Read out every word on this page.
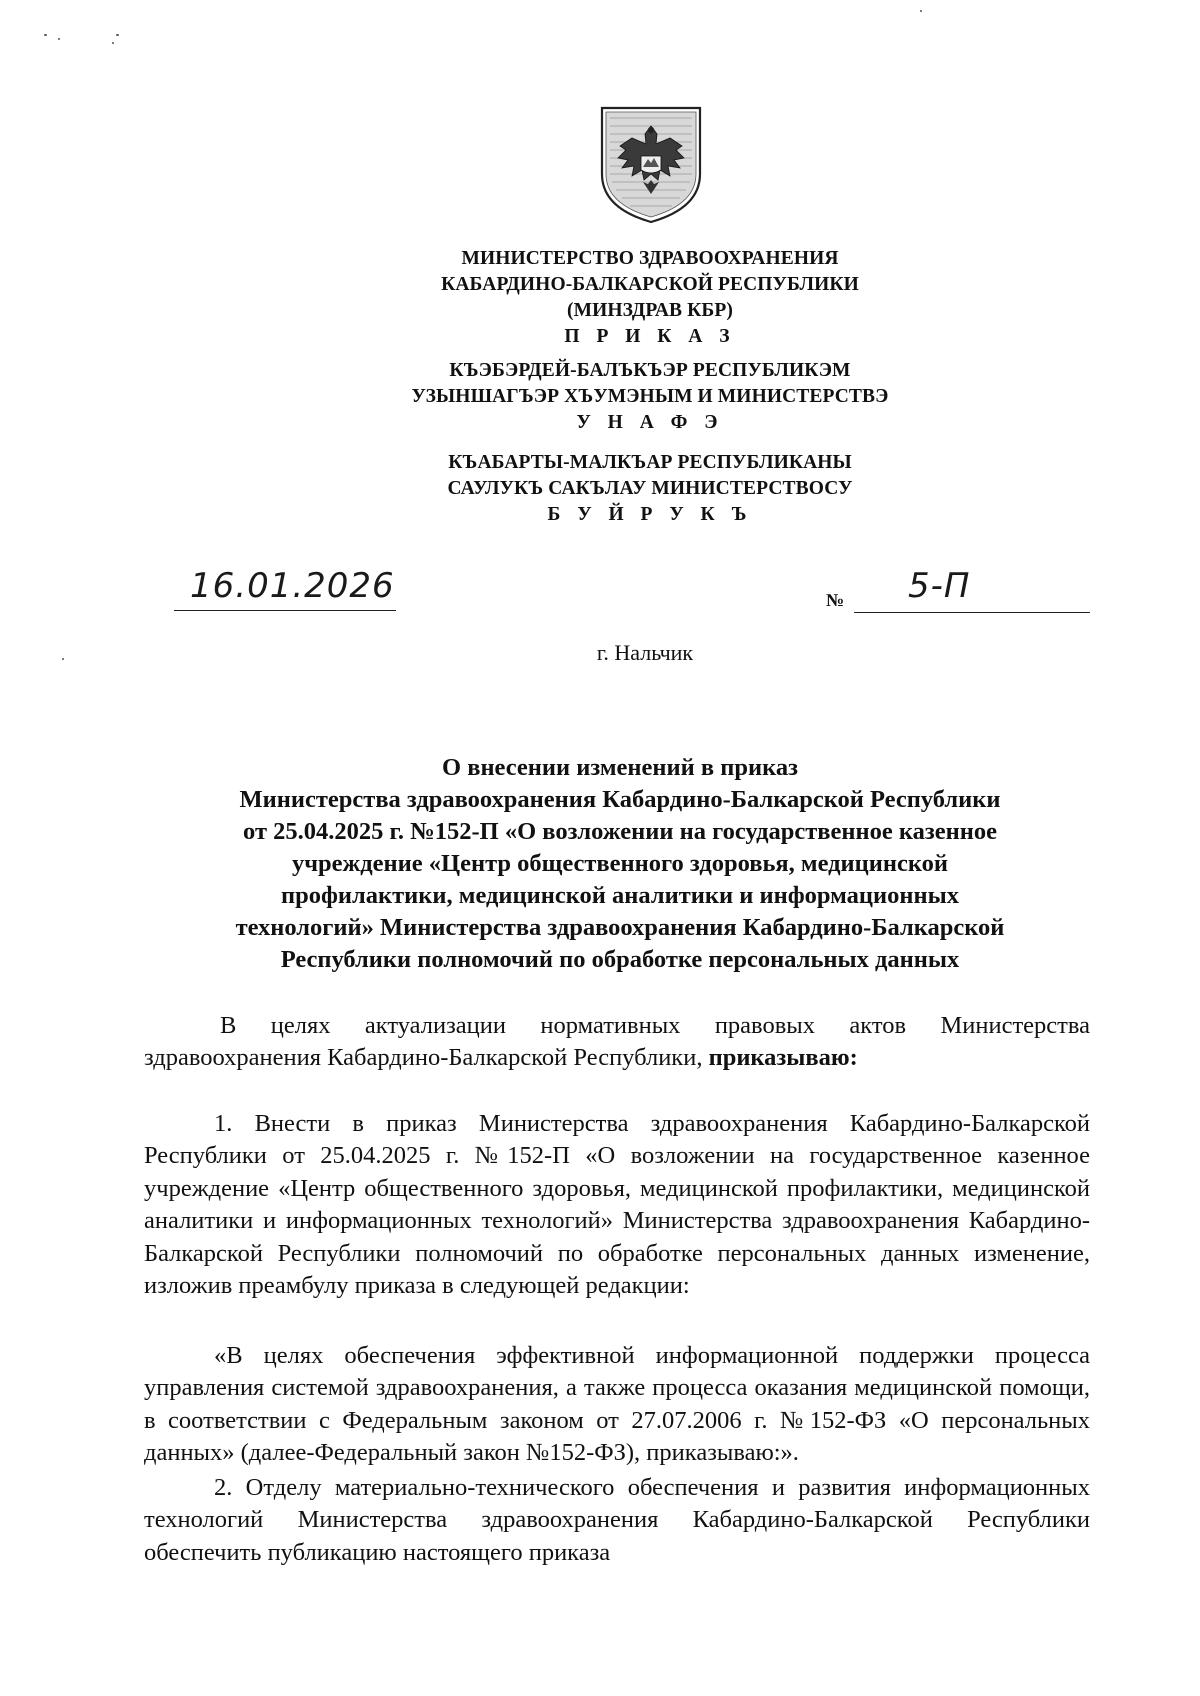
МИНИСТЕРСТВО ЗДРАВООХРАНЕНИЯ
КАБАРДИНО-БАЛКАРСКОЙ РЕСПУБЛИКИ
(МИНЗДРАВ КБР)
П Р И К А З
КЪЭБЭРДЕЙ-БАЛЪКЪЭР РЕСПУБЛИКЭМ
УЗЫНШАГЪЭР ХЪУМЭНЫМ И МИНИСТЕРСТВЭ
У Н А Ф Э
КЪАБАРТЫ-МАЛКЪАР РЕСПУБЛИКАНЫ
САУЛУКЪ САКЪЛАУ МИНИСТЕРСТВОСУ
Б У Й Р У К Ъ
16.01.2026	№ 5-П
г. Нальчик
О внесении изменений в приказ
Министерства здравоохранения Кабардино-Балкарской Республики
от 25.04.2025 г. №152-П «О возложении на государственное казенное
учреждение «Центр общественного здоровья, медицинской
профилактики, медицинской аналитики и информационных
технологий» Министерства здравоохранения Кабардино-Балкарской
Республики полномочий по обработке персональных данных
В целях актуализации нормативных правовых актов Министерства здравоохранения Кабардино-Балкарской Республики, приказываю:
1. Внести в приказ Министерства здравоохранения Кабардино-Балкарской Республики от 25.04.2025 г. №152-П «О возложении на государственное казенное учреждение «Центр общественного здоровья, медицинской профилактики, медицинской аналитики и информационных технологий» Министерства здравоохранения Кабардино-Балкарской Республики полномочий по обработке персональных данных изменение, изложив преамбулу приказа в следующей редакции:
«В целях обеспечения эффективной информационной поддержки процесса управления системой здравоохранения, а также процесса оказания медицинской помощи, в соответствии с Федеральным законом от 27.07.2006 г. №152-ФЗ «О персональных данных» (далее-Федеральный закон №152-ФЗ), приказываю:».
2. Отделу материально-технического обеспечения и развития информационных технологий Министерства здравоохранения Кабардино-Балкарской Республики обеспечить публикацию настоящего приказа
